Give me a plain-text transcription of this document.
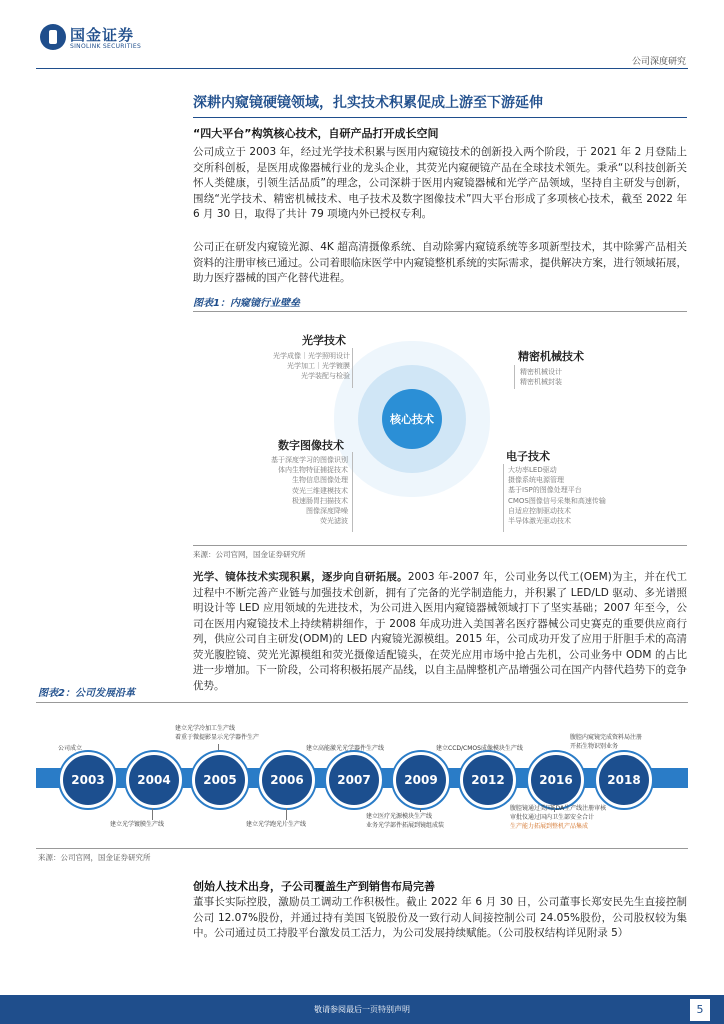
国金证券
SINOLINK SECURITIES
公司深度研究
深耕内窥镜硬镜领域，扎实技术积累促成上游至下游延伸
“四大平台”构筑核心技术，自研产品打开成长空间
公司成立于 2003 年，经过光学技术积累与医用内窥镜技术的创新投入两个阶段，于 2021 年 2 月登陆上交所科创板，是医用成像器械行业的龙头企业，其荧光内窥硬镜产品在全球技术领先。秉承“以科技创新关怀人类健康，引领生活品质”的理念，公司深耕于医用内窥镜器械和光学产品领域，坚持自主研发与创新，围绕“光学技术、精密机械技术、电子技术及数字图像技术”四大平台形成了多项核心技术，截至 2022 年 6 月 30 日，取得了共计 79 项境内外已授权专利。
公司正在研发内窥镜光源、4K 超高清摄像系统、自动除雾内窥镜系统等多项新型技术，其中除雾产品相关资料的注册审核已通过。公司着眼临床医学中内窥镜整机系统的实际需求，提供解决方案，进行领域拓展，助力医疗器械的国产化替代进程。
图表1：内窥镜行业壁垒
核心技术
光学技术
光学成像｜光学照明设计
光学加工｜光学镀膜
光学装配与检验
精密机械技术
精密机械设计
精密机械封装
数字图像技术
基于深度学习的图像识别
体内生物特征捕捉技术
生物信息图像处理
荧光三维建模技术
极速肠胃扫描技术
图像深度降噪
荧光滤波
电子技术
大功率LED驱动
摄像系统电源管理
基于ISP的图像处理平台
CMOS图像信号采集和高速传输
自适应控制驱动技术
半导体激光驱动技术
来源：公司官网，国金证券研究所
光学、镜体技术实现积累，逐步向自研拓展。2003 年-2007 年，公司业务以代工(OEM)为主，并在代工过程中不断完善产业链与加强技术创新，拥有了完备的光学制造能力，并积累了 LED/LD 驱动、多光谱照明设计等 LED 应用领域的先进技术，为公司进入医用内窥镜器械领域打下了坚实基础；2007 年至今，公司在医用内窥镜技术上持续精耕细作，于 2008 年成功进入美国著名医疗器械公司史赛克的重要供应商行列，供应公司自主研发(ODM)的 LED 内窥镜光源模组。2015 年，公司成功开发了应用于肝胆手术的高清荧光腹腔镜、荧光光源模组和荧光摄像适配镜头，在荧光应用市场中抢占先机，公司业务中 ODM 的占比进一步增加。下一阶段，公司将积极拓展产品线，以自主品牌整机产品增强公司在国产内替代趋势下的竞争优势。
图表2：公司发展沿革
公司成立
建立光学冷加工生产线
着重于微提影显示光学器件生产
建立高能激光光学器件生产线	建立CCD/CMOS成像模块生产线
腹腔内窥镜完成资料局注册
开拓生物识别业务
2003	2004	2005	2006	2007	2009	2012	2016	2018
建立光学镀膜生产线	建立光学跑光片生产线
建立医疗光源模块生产线
业务光学部件拓展到镜组成装
腹腔镜通过美国FDA生产线注册审核
审批仪通过国内卫生部安全合计
生产能力拓展到整机产品集成
来源：公司官网，国金证券研究所
创始人技术出身，子公司覆盖生产到销售布局完善
董事长实际控股，激励员工调动工作积极性。截止 2022 年 6 月 30 日，公司董事长郑安民先生直接控制公司 12.07%股份，并通过持有美国飞锐股份及一致行动人间接控制公司 24.05%股份，公司股权较为集中。公司通过员工持股平台激发员工活力，为公司发展持续赋能。（公司股权结构详见附录 5）
敬请参阅最后一页特别声明	5
